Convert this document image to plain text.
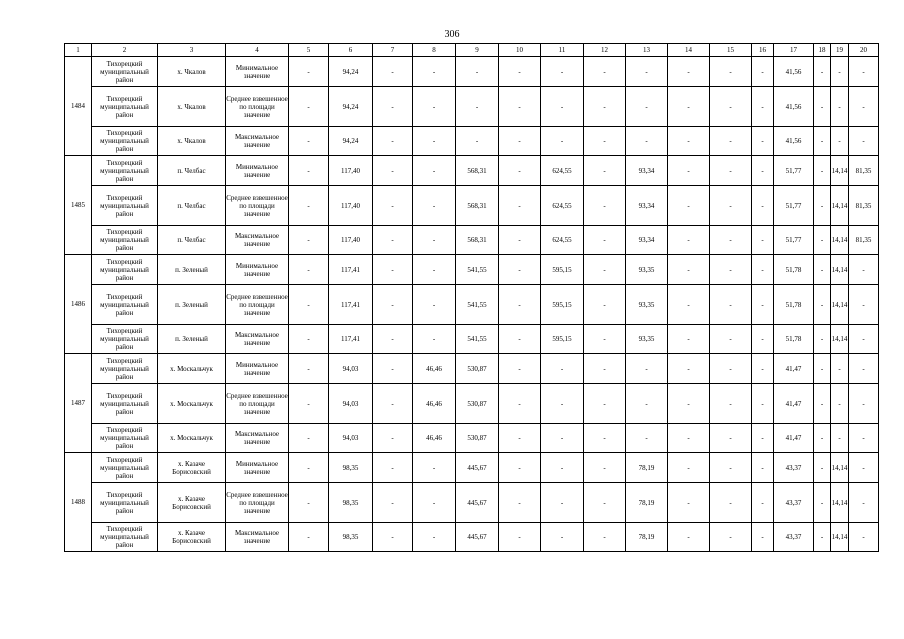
306
1	2	3	4	5	6	7	8	9	10	11	12	13	14	15	16	17	18	19	20
1484	Тихорецкий муниципальный район	х. Чкалов	Минимальное значение	-	94,24	-	-	-	-	-	-	-	-	-	-	41,56	-	-	-
	Тихорецкий муниципальный район	х. Чкалов	Среднее взвешенное по площади значение	-	94,24	-	-	-	-	-	-	-	-	-	-	41,56	-	-	-
	Тихорецкий муниципальный район	х. Чкалов	Максимальное значение	-	94,24	-	-	-	-	-	-	-	-	-	-	41,56	-	-	-
1485	Тихорецкий муниципальный район	п. Челбас	Минимальное значение	-	117,40	-	-	568,31	-	624,55	-	93,34	-	-	-	51,77	-	14,14	81,35
	Тихорецкий муниципальный район	п. Челбас	Среднее взвешенное по площади значение	-	117,40	-	-	568,31	-	624,55	-	93,34	-	-	-	51,77	-	14,14	81,35
	Тихорецкий муниципальный район	п. Челбас	Максимальное значение	-	117,40	-	-	568,31	-	624,55	-	93,34	-	-	-	51,77	-	14,14	81,35
1486	Тихорецкий муниципальный район	п. Зеленый	Минимальное значение	-	117,41	-	-	541,55	-	595,15	-	93,35	-	-	-	51,78	-	14,14	-
	Тихорецкий муниципальный район	п. Зеленый	Среднее взвешенное по площади значение	-	117,41	-	-	541,55	-	595,15	-	93,35	-	-	-	51,78	-	14,14	-
	Тихорецкий муниципальный район	п. Зеленый	Максимальное значение	-	117,41	-	-	541,55	-	595,15	-	93,35	-	-	-	51,78	-	14,14	-
1487	Тихорецкий муниципальный район	х. Москальчук	Минимальное значение	-	94,03	-	46,46	530,87	-	-	-	-	-	-	-	41,47	-	-	-
	Тихорецкий муниципальный район	х. Москальчук	Среднее взвешенное по площади значение	-	94,03	-	46,46	530,87	-	-	-	-	-	-	-	41,47	-	-	-
	Тихорецкий муниципальный район	х. Москальчук	Максимальное значение	-	94,03	-	46,46	530,87	-	-	-	-	-	-	-	41,47	-	-	-
1488	Тихорецкий муниципальный район	х. Казаче Борисовский	Минимальное значение	-	98,35	-	-	445,67	-	-	-	78,19	-	-	-	43,37	-	14,14	-
	Тихорецкий муниципальный район	х. Казаче Борисовский	Среднее взвешенное по площади значение	-	98,35	-	-	445,67	-	-	-	78,19	-	-	-	43,37	-	14,14	-
	Тихорецкий муниципальный район	х. Казаче Борисовский	Максимальное значение	-	98,35	-	-	445,67	-	-	-	78,19	-	-	-	43,37	-	14,14	-
